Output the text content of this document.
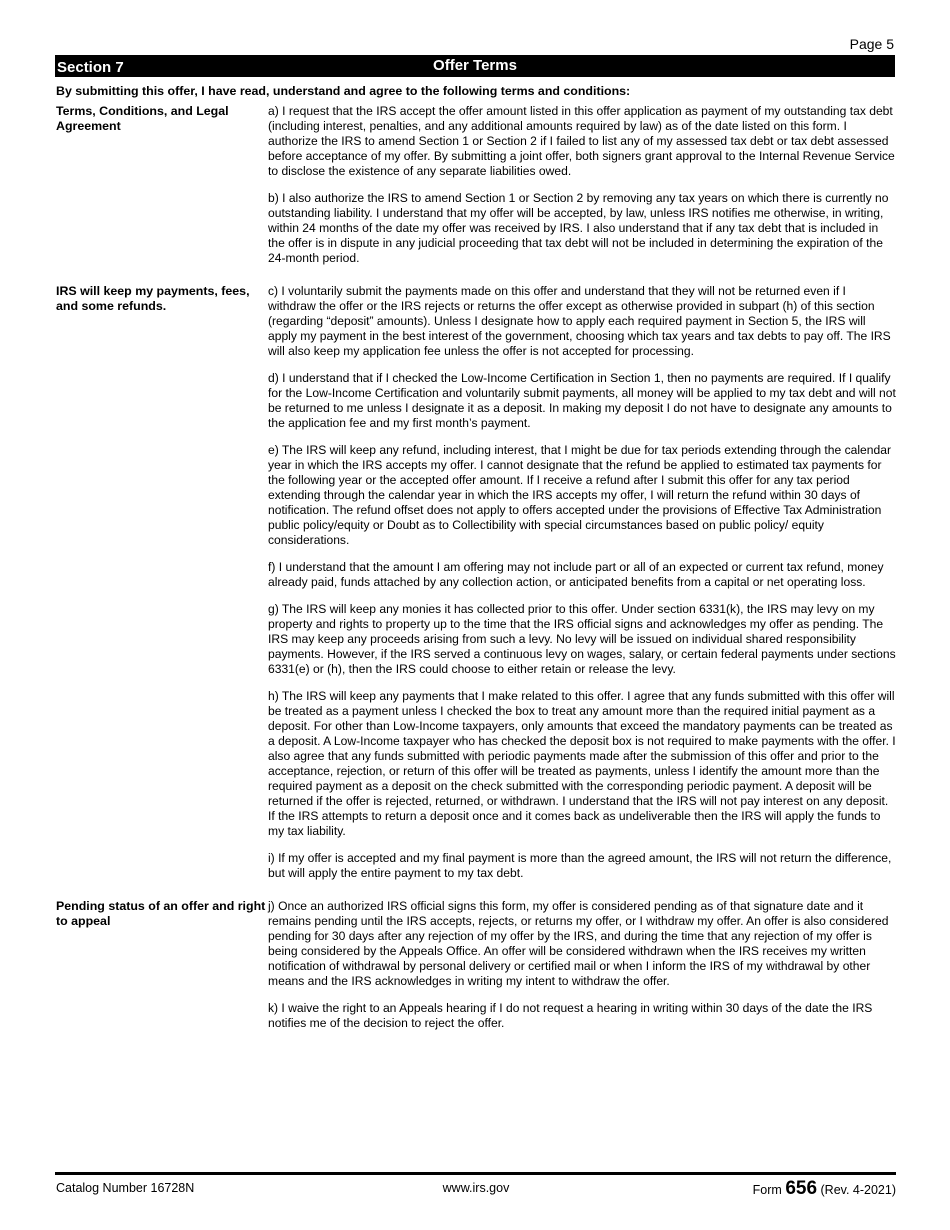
Page 5
Section 7	Offer Terms
By submitting this offer, I have read, understand and agree to the following terms and conditions:
Terms, Conditions, and Legal Agreement

a) I request that the IRS accept the offer amount listed in this offer application as payment of my outstanding tax debt (including interest, penalties, and any additional amounts required by law) as of the date listed on this form. I authorize the IRS to amend Section 1 or Section 2 if I failed to list any of my assessed tax debt or tax debt assessed before acceptance of my offer. By submitting a joint offer, both signers grant approval to the Internal Revenue Service to disclose the existence of any separate liabilities owed.

b) I also authorize the IRS to amend Section 1 or Section 2 by removing any tax years on which there is currently no outstanding liability. I understand that my offer will be accepted, by law, unless IRS notifies me otherwise, in writing, within 24 months of the date my offer was received by IRS. I also understand that if any tax debt that is included in the offer is in dispute in any judicial proceeding that tax debt will not be included in determining the expiration of the 24-month period.

IRS will keep my payments, fees, and some refunds.

c) I voluntarily submit the payments made on this offer and understand that they will not be returned even if I withdraw the offer or the IRS rejects or returns the offer except as otherwise provided in subpart (h) of this section (regarding “deposit” amounts). Unless I designate how to apply each required payment in Section 5, the IRS will apply my payment in the best interest of the government, choosing which tax years and tax debts to pay off. The IRS will also keep my application fee unless the offer is not accepted for processing.

d) I understand that if I checked the Low-Income Certification in Section 1, then no payments are required. If I qualify for the Low-Income Certification and voluntarily submit payments, all money will be applied to my tax debt and will not be returned to me unless I designate it as a deposit. In making my deposit I do not have to designate any amounts to the application fee and my first month’s payment.

e) The IRS will keep any refund, including interest, that I might be due for tax periods extending through the calendar year in which the IRS accepts my offer. I cannot designate that the refund be applied to estimated tax payments for the following year or the accepted offer amount. If I receive a refund after I submit this offer for any tax period extending through the calendar year in which the IRS accepts my offer, I will return the refund within 30 days of notification. The refund offset does not apply to offers accepted under the provisions of Effective Tax Administration public policy/equity or Doubt as to Collectibility with special circumstances based on public policy/ equity considerations.

f) I understand that the amount I am offering may not include part or all of an expected or current tax refund, money already paid, funds attached by any collection action, or anticipated benefits from a capital or net operating loss.

g) The IRS will keep any monies it has collected prior to this offer. Under section 6331(k), the IRS may levy on my property and rights to property up to the time that the IRS official signs and acknowledges my offer as pending. The IRS may keep any proceeds arising from such a levy. No levy will be issued on individual shared responsibility payments. However, if the IRS served a continuous levy on wages, salary, or certain federal payments under sections 6331(e) or (h), then the IRS could choose to either retain or release the levy.

h) The IRS will keep any payments that I make related to this offer. I agree that any funds submitted with this offer will be treated as a payment unless I checked the box to treat any amount more than the required initial payment as a deposit. For other than Low-Income taxpayers, only amounts that exceed the mandatory payments can be treated as a deposit. A Low-Income taxpayer who has checked the deposit box is not required to make payments with the offer. I also agree that any funds submitted with periodic payments made after the submission of this offer and prior to the acceptance, rejection, or return of this offer will be treated as payments, unless I identify the amount more than the required payment as a deposit on the check submitted with the corresponding periodic payment. A deposit will be returned if the offer is rejected, returned, or withdrawn. I understand that the IRS will not pay interest on any deposit. If the IRS attempts to return a deposit once and it comes back as undeliverable then the IRS will apply the funds to my tax liability.

i) If my offer is accepted and my final payment is more than the agreed amount, the IRS will not return the difference, but will apply the entire payment to my tax debt.

Pending status of an offer and right to appeal

j) Once an authorized IRS official signs this form, my offer is considered pending as of that signature date and it remains pending until the IRS accepts, rejects, or returns my offer, or I withdraw my offer. An offer is also considered pending for 30 days after any rejection of my offer by the IRS, and during the time that any rejection of my offer is being considered by the Appeals Office. An offer will be considered withdrawn when the IRS receives my written notification of withdrawal by personal delivery or certified mail or when I inform the IRS of my withdrawal by other means and the IRS acknowledges in writing my intent to withdraw the offer.

k) I waive the right to an Appeals hearing if I do not request a hearing in writing within 30 days of the date the IRS notifies me of the decision to reject the offer.

Catalog Number 16728N	www.irs.gov	Form 656 (Rev. 4-2021)
